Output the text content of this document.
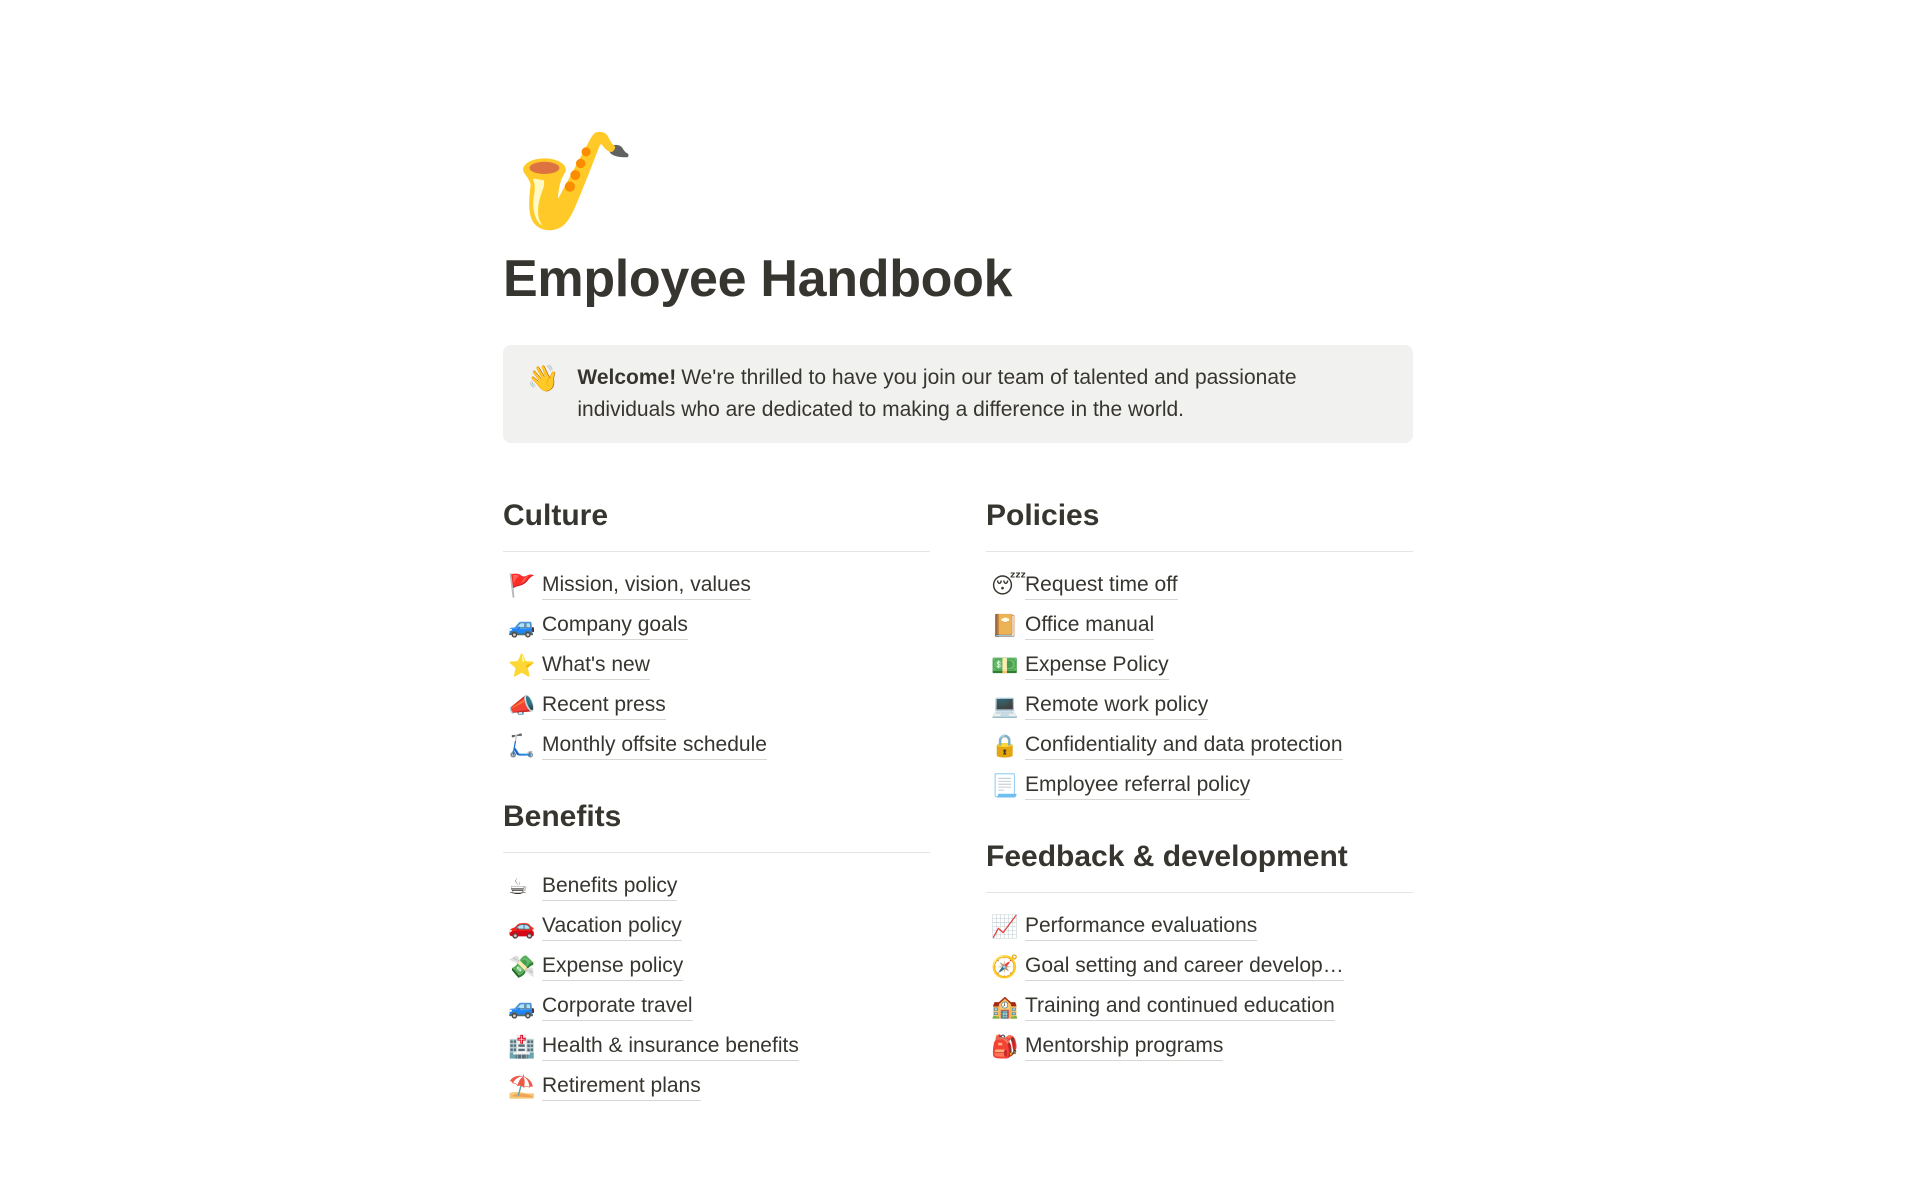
🎷
Employee Handbook
👋 Welcome! We're thrilled to have you join our team of talented and passionate individuals who are dedicated to making a difference in the world.
Culture
🚩 Mission, vision, values
🚙 Company goals
⭐ What's new
📣 Recent press
🛴 Monthly offsite schedule
Benefits
☕ Benefits policy
🚗 Vacation policy
💸 Expense policy
🚙 Corporate travel
🏥 Health & insurance benefits
⛱️ Retirement plans
Policies
😴
Request time off
📔 Office manual
💵 Expense Policy
💻 Remote work policy
🔒 Confidentiality and data protection
📃 Employee referral policy
Feedback & development
📈 Performance evaluations
🧭 Goal setting and career develop…
🏫 Training and continued education
🎒 Mentorship programs
